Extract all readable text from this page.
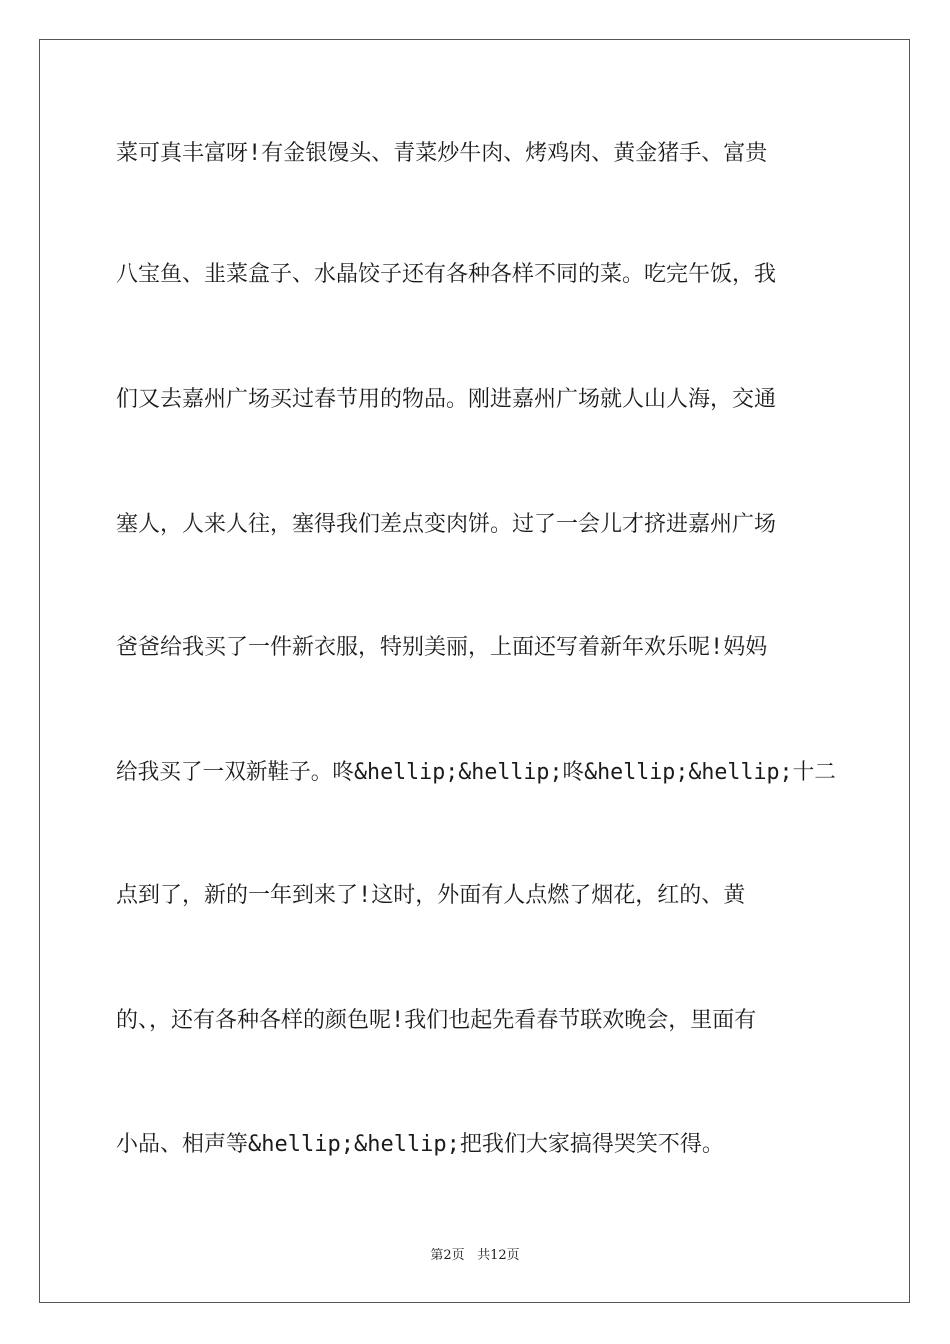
菜可真丰富呀!有金银馒头、青菜炒牛肉、烤鸡肉、黄金猪手、富贵
八宝鱼、韭菜盒子、水晶饺子还有各种各样不同的菜。吃完午饭，我
们又去嘉州广场买过春节用的物品。刚进嘉州广场就人山人海，交通
塞人，人来人往，塞得我们差点变肉饼。过了一会儿才挤进嘉州广场
爸爸给我买了一件新衣服，特别美丽，上面还写着新年欢乐呢!妈妈
给我买了一双新鞋子。咚&hellip;&hellip;咚&hellip;&hellip;十二
点到了，新的一年到来了!这时，外面有人点燃了烟花，红的、黄
的、，还有各种各样的颜色呢!我们也起先看春节联欢晚会，里面有
小品、相声等&hellip;&hellip;把我们大家搞得哭笑不得。
第2页 共12页
